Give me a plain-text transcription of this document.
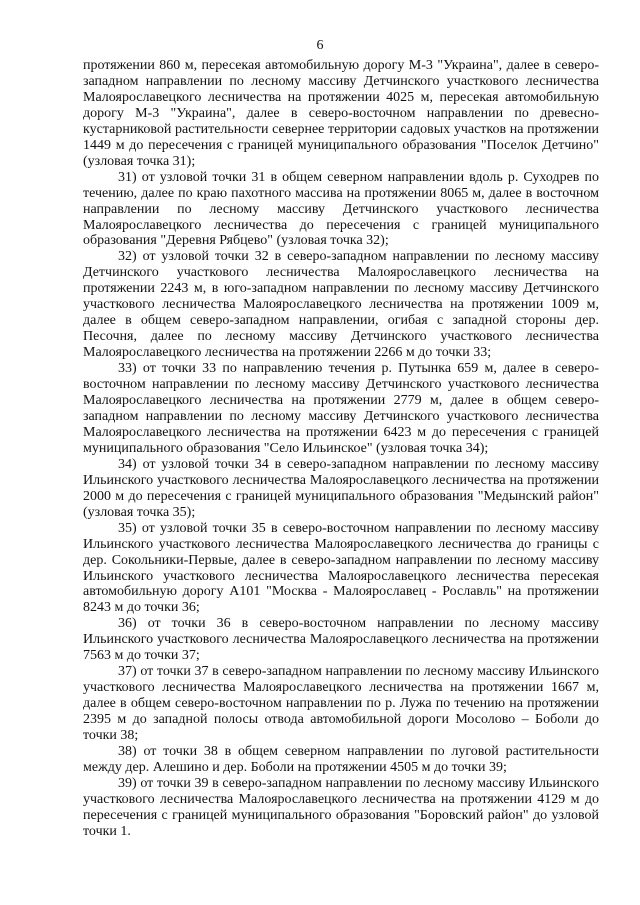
6

протяжении 860 м, пересекая автомобильную дорогу М-3 "Украина", далее в северо-западном направлении по лесному массиву Детчинского участкового лесничества Малоярославецкого лесничества на протяжении 4025 м, пересекая автомобильную дорогу М-3 "Украина", далее в северо-восточном направлении по древесно-кустарниковой растительности севернее территории садовых участков на протяжении 1449 м до пересечения с границей муниципального образования "Поселок Детчино" (узловая точка 31);

31) от узловой точки 31 в общем северном направлении вдоль р. Суходрев по течению, далее по краю пахотного массива на протяжении 8065 м, далее в восточном направлении по лесному массиву Детчинского участкового лесничества Малоярославецкого лесничества до пересечения с границей муниципального образования "Деревня Рябцево" (узловая точка 32);

32) от узловой точки 32 в северо-западном направлении по лесному массиву Детчинского участкового лесничества Малоярославецкого лесничества на протяжении 2243 м, в юго-западном направлении по лесному массиву Детчинского участкового лесничества Малоярославецкого лесничества на протяжении 1009 м, далее в общем северо-западном направлении, огибая с западной стороны дер. Песочня, далее по лесному массиву Детчинского участкового лесничества Малоярославецкого лесничества на протяжении 2266 м до точки 33;

33) от точки 33 по направлению течения р. Путынка 659 м, далее в северо-восточном направлении по лесному массиву Детчинского участкового лесничества Малоярославецкого лесничества на протяжении 2779 м, далее в общем северо-западном направлении по лесному массиву Детчинского участкового лесничества Малоярославецкого лесничества на протяжении 6423 м до пересечения с границей муниципального образования "Село Ильинское" (узловая точка 34);

34) от узловой точки 34 в северо-западном направлении по лесному массиву Ильинского участкового лесничества Малоярославецкого лесничества на протяжении 2000 м до пересечения с границей муниципального образования "Медынский район" (узловая точка 35);

35) от узловой точки 35 в северо-восточном направлении по лесному массиву Ильинского участкового лесничества Малоярославецкого лесничества до границы с дер. Сокольники-Первые, далее в северо-западном направлении по лесному массиву Ильинского участкового лесничества Малоярославецкого лесничества пересекая автомобильную дорогу А101 "Москва - Малоярославец - Рославль" на протяжении 8243 м до точки 36;

36) от точки 36 в северо-восточном направлении по лесному массиву Ильинского участкового лесничества Малоярославецкого лесничества на протяжении 7563 м до точки 37;

37) от точки 37 в северо-западном направлении по лесному массиву Ильинского участкового лесничества Малоярославецкого лесничества на протяжении 1667 м, далее в общем северо-восточном направлении по р. Лужа по течению на протяжении 2395 м до западной полосы отвода автомобильной дороги Мосолово – Боболи до точки 38;

38) от точки 38 в общем северном направлении по луговой растительности между дер. Алешино и дер. Боболи на протяжении 4505 м до точки 39;

39) от точки 39 в северо-западном направлении по лесному массиву Ильинского участкового лесничества Малоярославецкого лесничества на протяжении 4129 м до пересечения с границей муниципального образования "Боровский район" до узловой точки 1.
